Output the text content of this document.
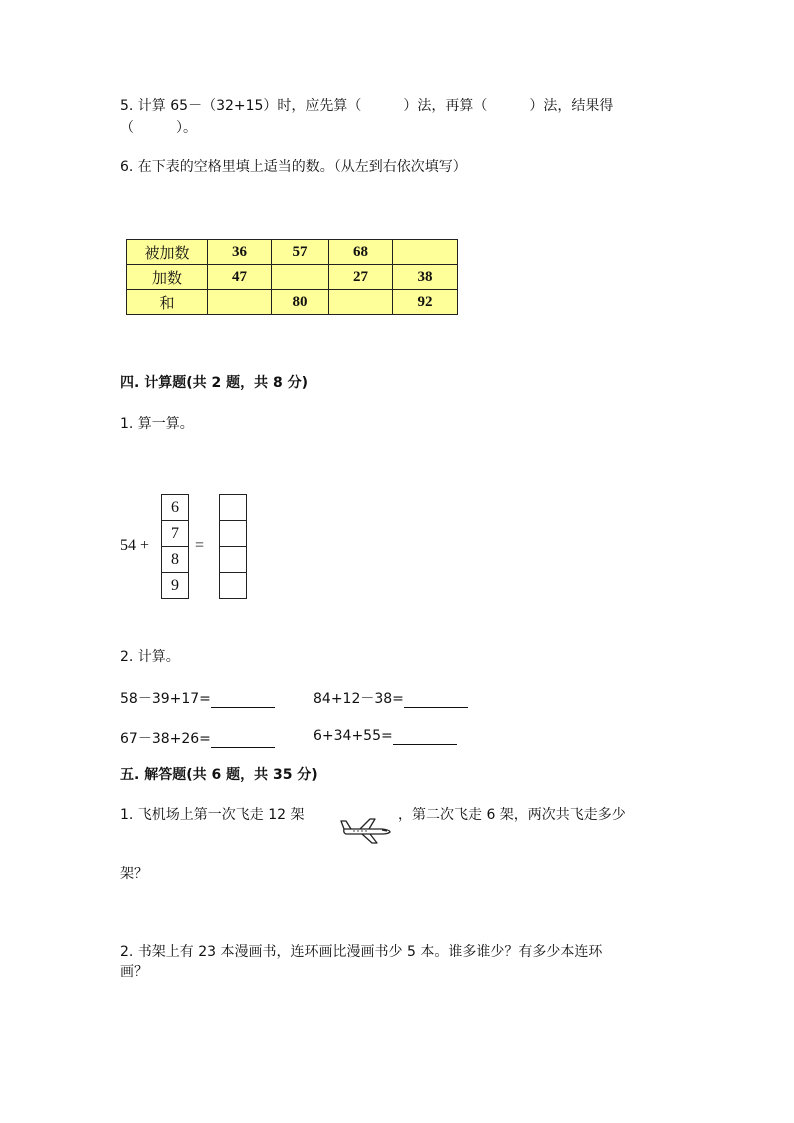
5. 计算 65－（32+15）时，应先算（　　　）法，再算（　　　）法，结果得
（　　　）。
6. 在下表的空格里填上适当的数。（从左到右依次填写）
被加数	36	57	68	
加数	47		27	38
和		80		92
四. 计算题(共 2 题，共 8 分)
1. 算一算。
54 +
6
7
8
9
=
2. 计算。
58－39+17=	84+12－38=
67－38+26=	6+34+55=
五. 解答题(共 6 题，共 35 分)
1. 飞机场上第一次飞走 12 架	，第二次飞走 6 架，两次共飞走多少
架？
2. 书架上有 23 本漫画书，连环画比漫画书少 5 本。谁多谁少？有多少本连环
画？
